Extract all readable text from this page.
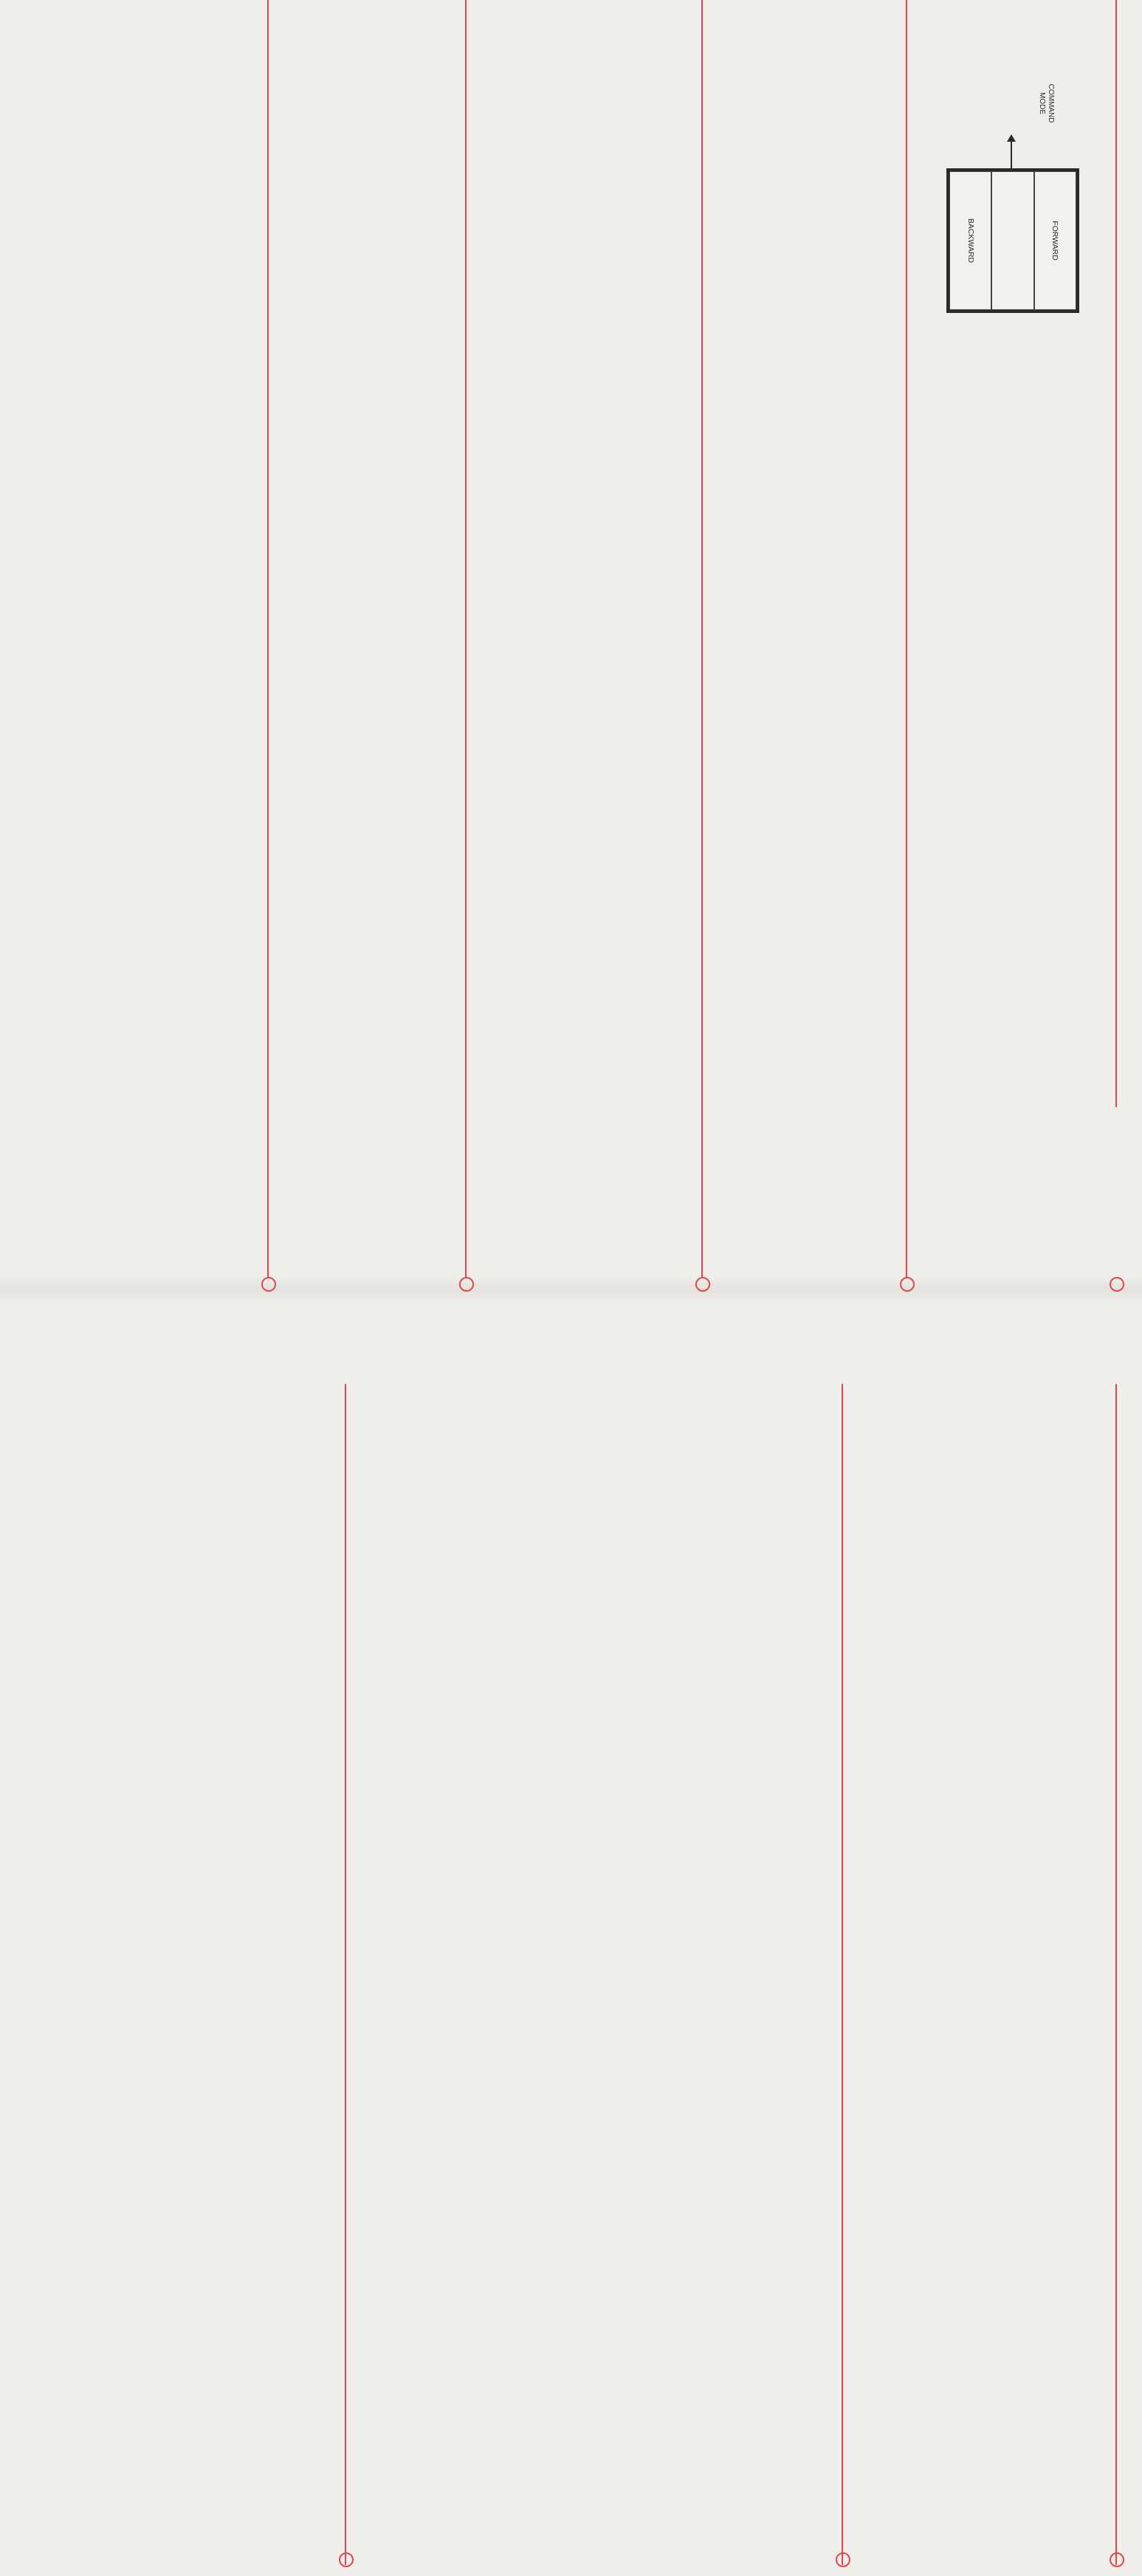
COMMAND MODE
FORWARD
BACKWARD
